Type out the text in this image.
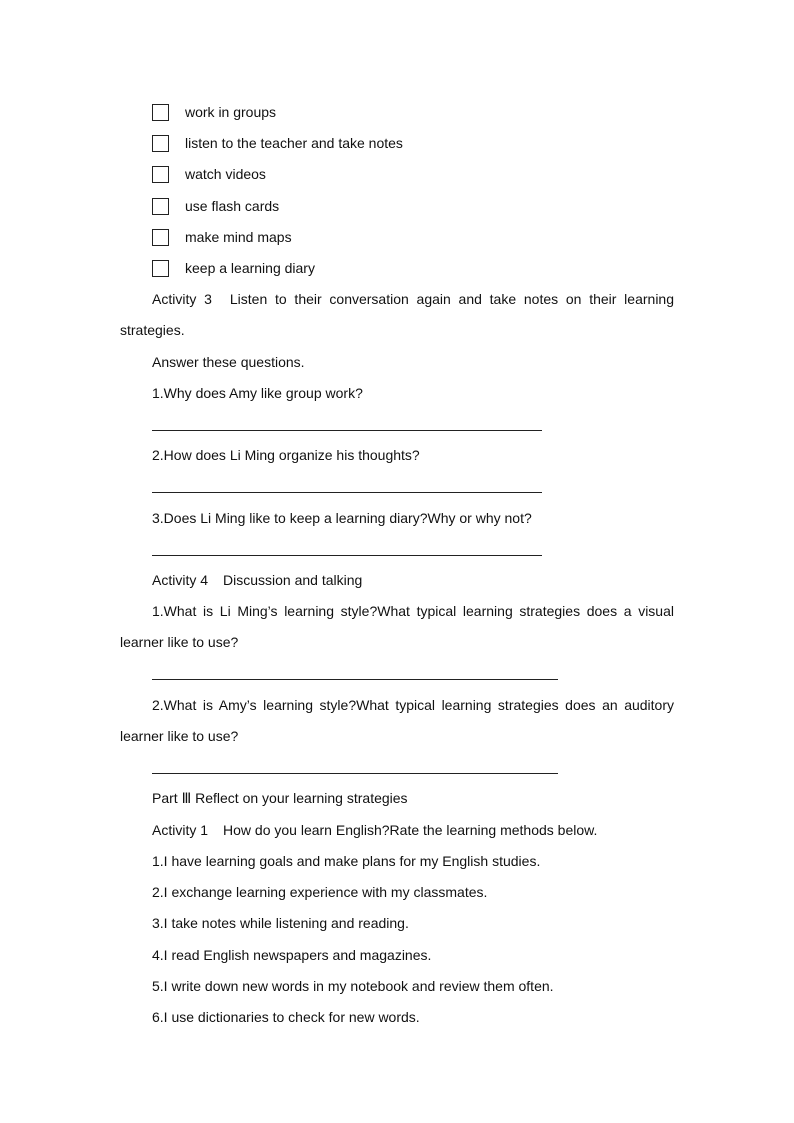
work in groups
listen to the teacher and take notes
watch videos
use flash cards
make mind maps
keep a learning diary
Activity 3 Listen to their conversation again and take notes on their learning
strategies.
Answer these questions.
1.Why does Amy like group work?
2.How does Li Ming organize his thoughts?
3.Does Li Ming like to keep a learning diary?Why or why not?
Activity 4 Discussion and talking
1.What is Li Ming’s learning style?What typical learning strategies does a visual
learner like to use?
2.What is Amy’s learning style?What typical learning strategies does an auditory
learner like to use?
Part Ⅲ Reflect on your learning strategies
Activity 1 How do you learn English?Rate the learning methods below.
1.I have learning goals and make plans for my English studies.
2.I exchange learning experience with my classmates.
3.I take notes while listening and reading.
4.I read English newspapers and magazines.
5.I write down new words in my notebook and review them often.
6.I use dictionaries to check for new words.
